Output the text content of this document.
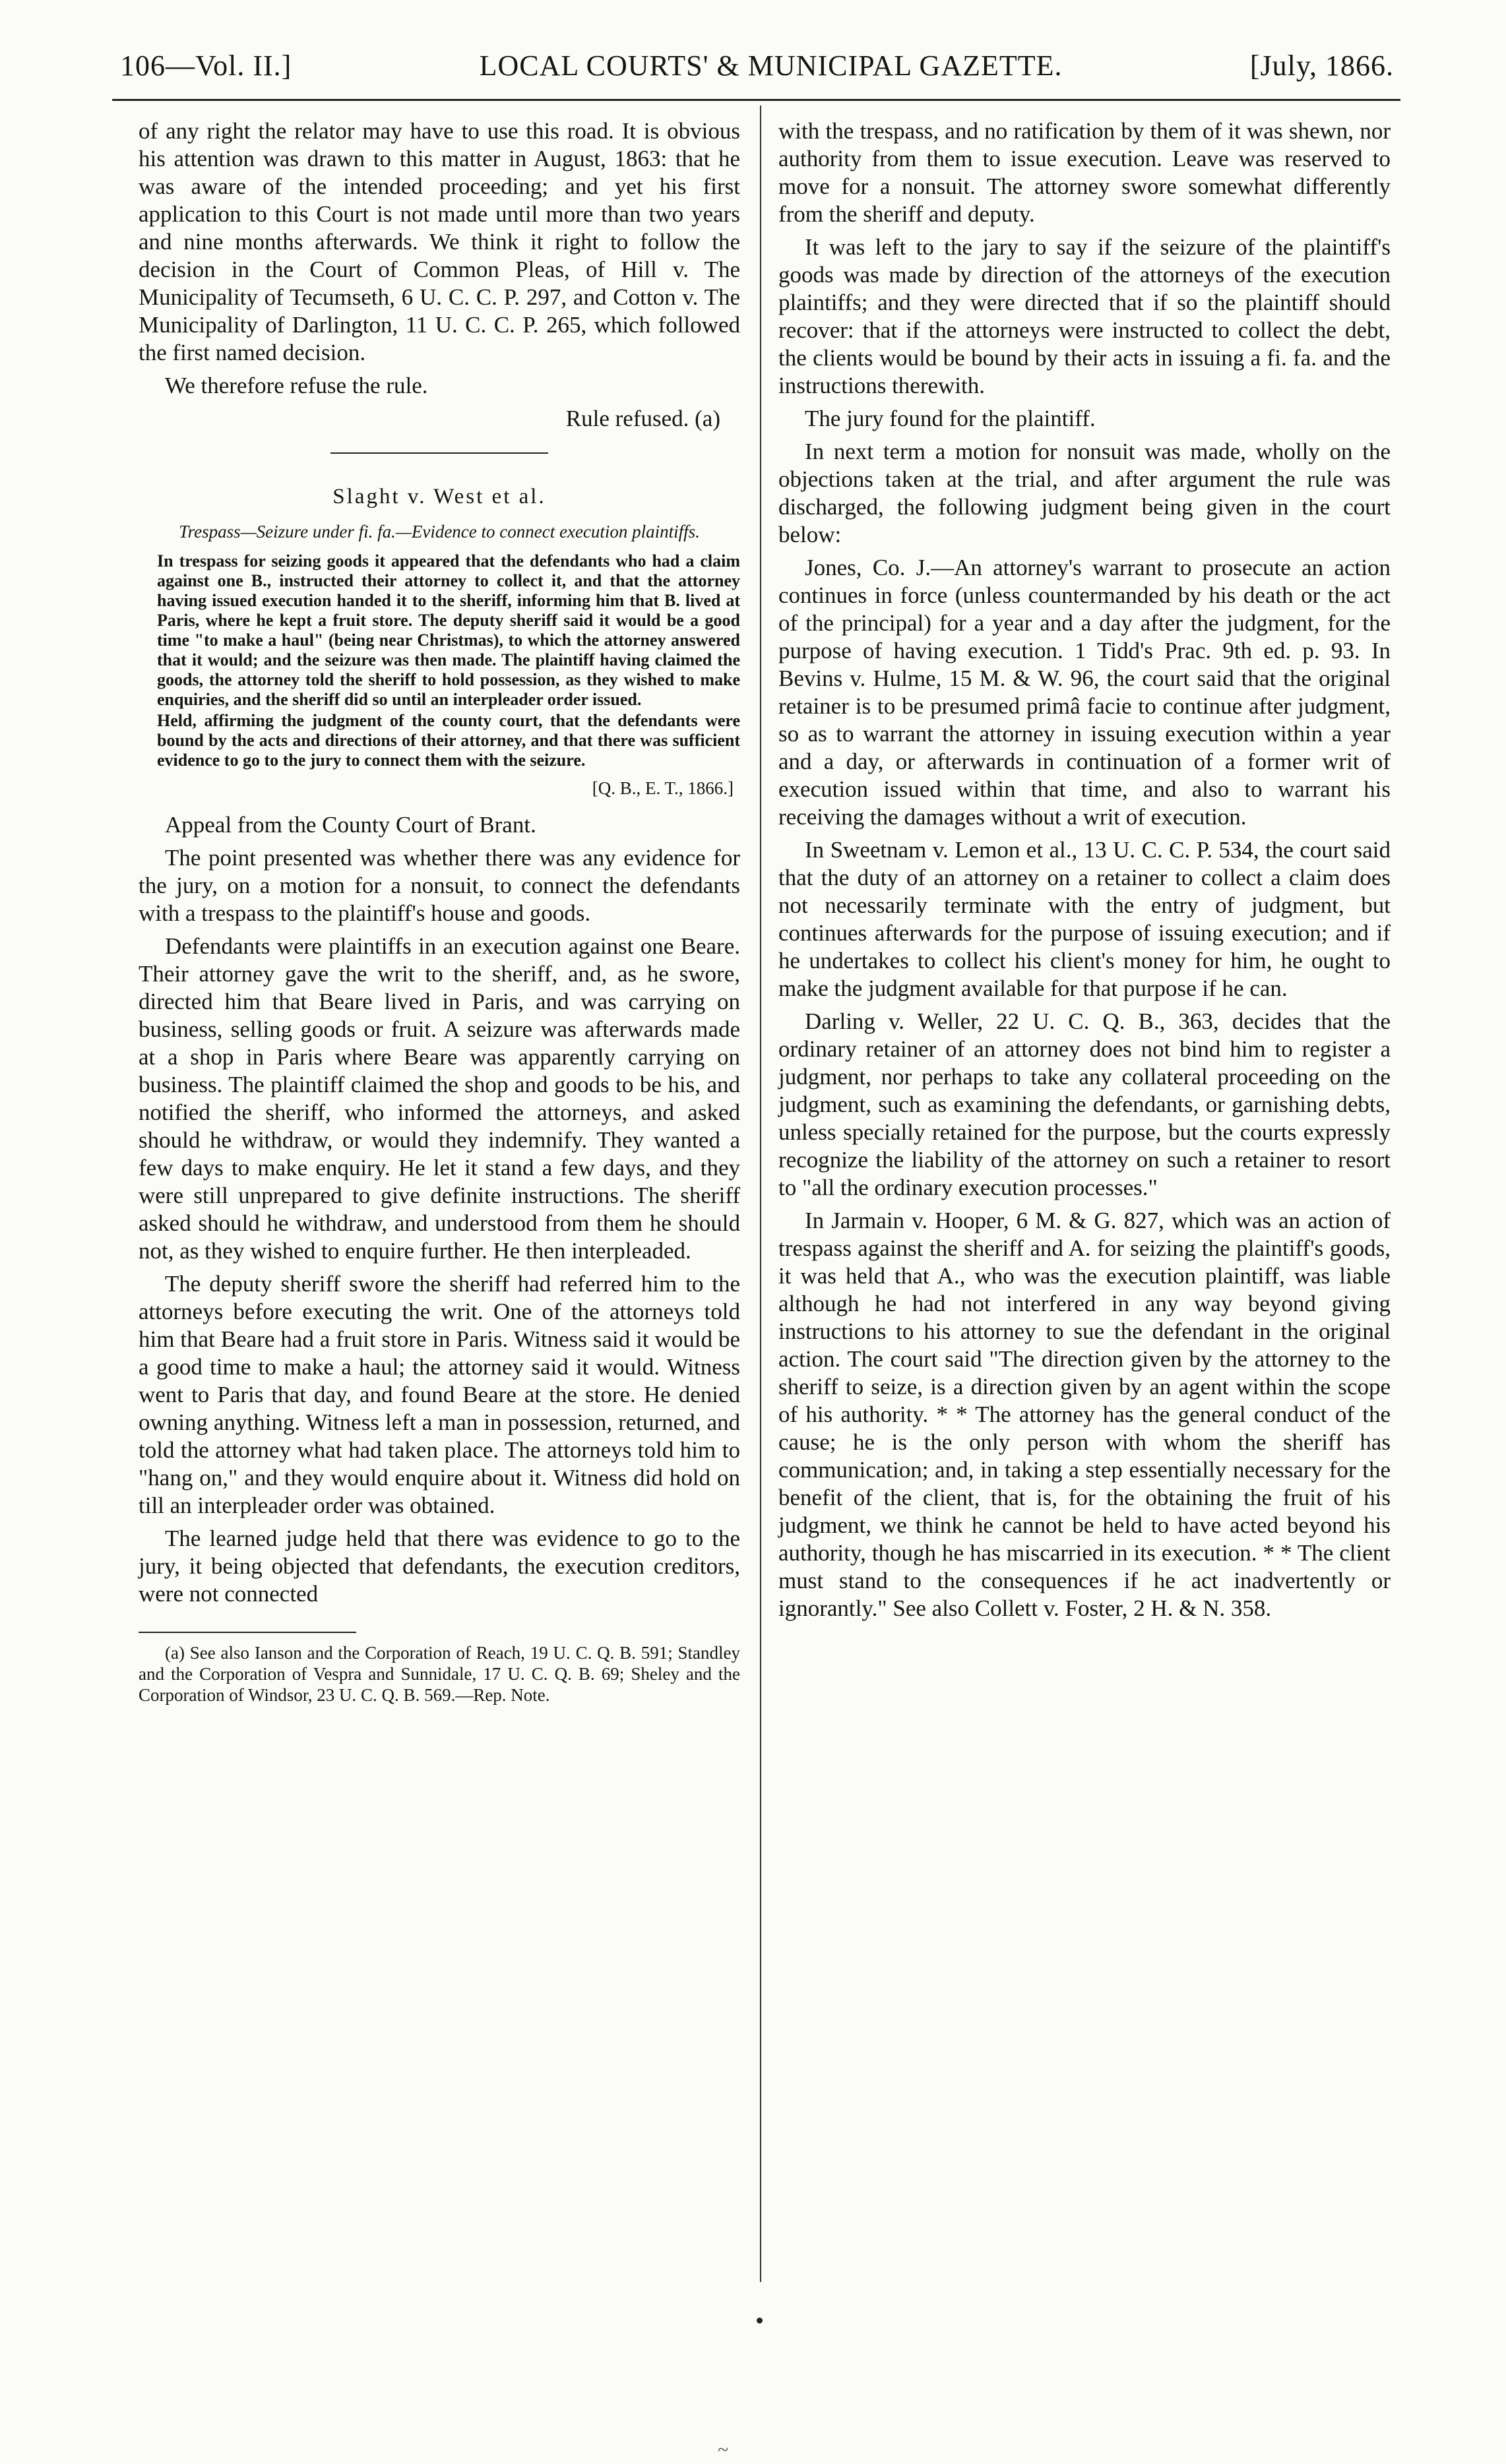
106—Vol. II.]	LOCAL COURTS' & MUNICIPAL GAZETTE.	[July, 1866.

of any right the relator may have to use this road. It is obvious his attention was drawn to this matter in August, 1863: that he was aware of the intended proceeding; and yet his first application to this Court is not made until more than two years and nine months afterwards. We think it right to follow the decision in the Court of Common Pleas, of Hill v. The Municipality of Tecumseth, 6 U. C. C. P. 297, and Cotton v. The Municipality of Darlington, 11 U. C. C. P. 265, which followed the first named decision.

We therefore refuse the rule.

Rule refused. (a)

Slaght v. West et al.
Trespass—Seizure under fi. fa.—Evidence to connect execution plaintiffs.

In trespass for seizing goods it appeared that the defendants who had a claim against one B., instructed their attorney to collect it, and that the attorney having issued execution handed it to the sheriff, informing him that B. lived at Paris, where he kept a fruit store. The deputy sheriff said it would be a good time "to make a haul" (being near Christmas), to which the attorney answered that it would; and the seizure was then made. The plaintiff having claimed the goods, the attorney told the sheriff to hold possession, as they wished to make enquiries, and the sheriff did so until an interpleader order issued.

Held, affirming the judgment of the county court, that the defendants were bound by the acts and directions of their attorney, and that there was sufficient evidence to go to the jury to connect them with the seizure.

[Q. B., E. T., 1866.]

Appeal from the County Court of Brant.

The point presented was whether there was any evidence for the jury, on a motion for a nonsuit, to connect the defendants with a trespass to the plaintiff's house and goods.

Defendants were plaintiffs in an execution against one Beare. Their attorney gave the writ to the sheriff, and, as he swore, directed him that Beare lived in Paris, and was carrying on business, selling goods or fruit. A seizure was afterwards made at a shop in Paris where Beare was apparently carrying on business. The plaintiff claimed the shop and goods to be his, and notified the sheriff, who informed the attorneys, and asked should he withdraw, or would they indemnify. They wanted a few days to make enquiry. He let it stand a few days, and they were still unprepared to give definite instructions. The sheriff asked should he withdraw, and understood from them he should not, as they wished to enquire further. He then interpleaded.

The deputy sheriff swore the sheriff had referred him to the attorneys before executing the writ. One of the attorneys told him that Beare had a fruit store in Paris. Witness said it would be a good time to make a haul; the attorney said it would. Witness went to Paris that day, and found Beare at the store. He denied owning anything. Witness left a man in possession, returned, and told the attorney what had taken place. The attorneys told him to "hang on," and they would enquire about it. Witness did hold on till an interpleader order was obtained.

The learned judge held that there was evidence to go to the jury, it being objected that defendants, the execution creditors, were not connected

(a) See also Ianson and the Corporation of Reach, 19 U. C. Q. B. 591; Standley and the Corporation of Vespra and Sunnidale, 17 U. C. Q. B. 69; Sheley and the Corporation of Windsor, 23 U. C. Q. B. 569.—Rep. Note.

with the trespass, and no ratification by them of it was shewn, nor authority from them to issue execution. Leave was reserved to move for a nonsuit. The attorney swore somewhat differently from the sheriff and deputy.

It was left to the jary to say if the seizure of the plaintiff's goods was made by direction of the attorneys of the execution plaintiffs; and they were directed that if so the plaintiff should recover: that if the attorneys were instructed to collect the debt, the clients would be bound by their acts in issuing a fi. fa. and the instructions therewith.

The jury found for the plaintiff.

In next term a motion for nonsuit was made, wholly on the objections taken at the trial, and after argument the rule was discharged, the following judgment being given in the court below:

Jones, Co. J.—An attorney's warrant to prosecute an action continues in force (unless countermanded by his death or the act of the principal) for a year and a day after the judgment, for the purpose of having execution. 1 Tidd's Prac. 9th ed. p. 93. In Bevins v. Hulme, 15 M. & W. 96, the court said that the original retainer is to be presumed primâ facie to continue after judgment, so as to warrant the attorney in issuing execution within a year and a day, or afterwards in continuation of a former writ of execution issued within that time, and also to warrant his receiving the damages without a writ of execution.

In Sweetnam v. Lemon et al., 13 U. C. C. P. 534, the court said that the duty of an attorney on a retainer to collect a claim does not necessarily terminate with the entry of judgment, but continues afterwards for the purpose of issuing execution; and if he undertakes to collect his client's money for him, he ought to make the judgment available for that purpose if he can.

Darling v. Weller, 22 U. C. Q. B., 363, decides that the ordinary retainer of an attorney does not bind him to register a judgment, nor perhaps to take any collateral proceeding on the judgment, such as examining the defendants, or garnishing debts, unless specially retained for the purpose, but the courts expressly recognize the liability of the attorney on such a retainer to resort to "all the ordinary execution processes."

In Jarmain v. Hooper, 6 M. & G. 827, which was an action of trespass against the sheriff and A. for seizing the plaintiff's goods, it was held that A., who was the execution plaintiff, was liable although he had not interfered in any way beyond giving instructions to his attorney to sue the defendant in the original action. The court said "The direction given by the attorney to the sheriff to seize, is a direction given by an agent within the scope of his authority. * * The attorney has the general conduct of the cause; he is the only person with whom the sheriff has communication; and, in taking a step essentially necessary for the benefit of the client, that is, for the obtaining the fruit of his judgment, we think he cannot be held to have acted beyond his authority, though he has miscarried in its execution. * * The client must stand to the consequences if he act inadvertently or ignorantly." See also Collett v. Foster, 2 H. & N. 358.

~
